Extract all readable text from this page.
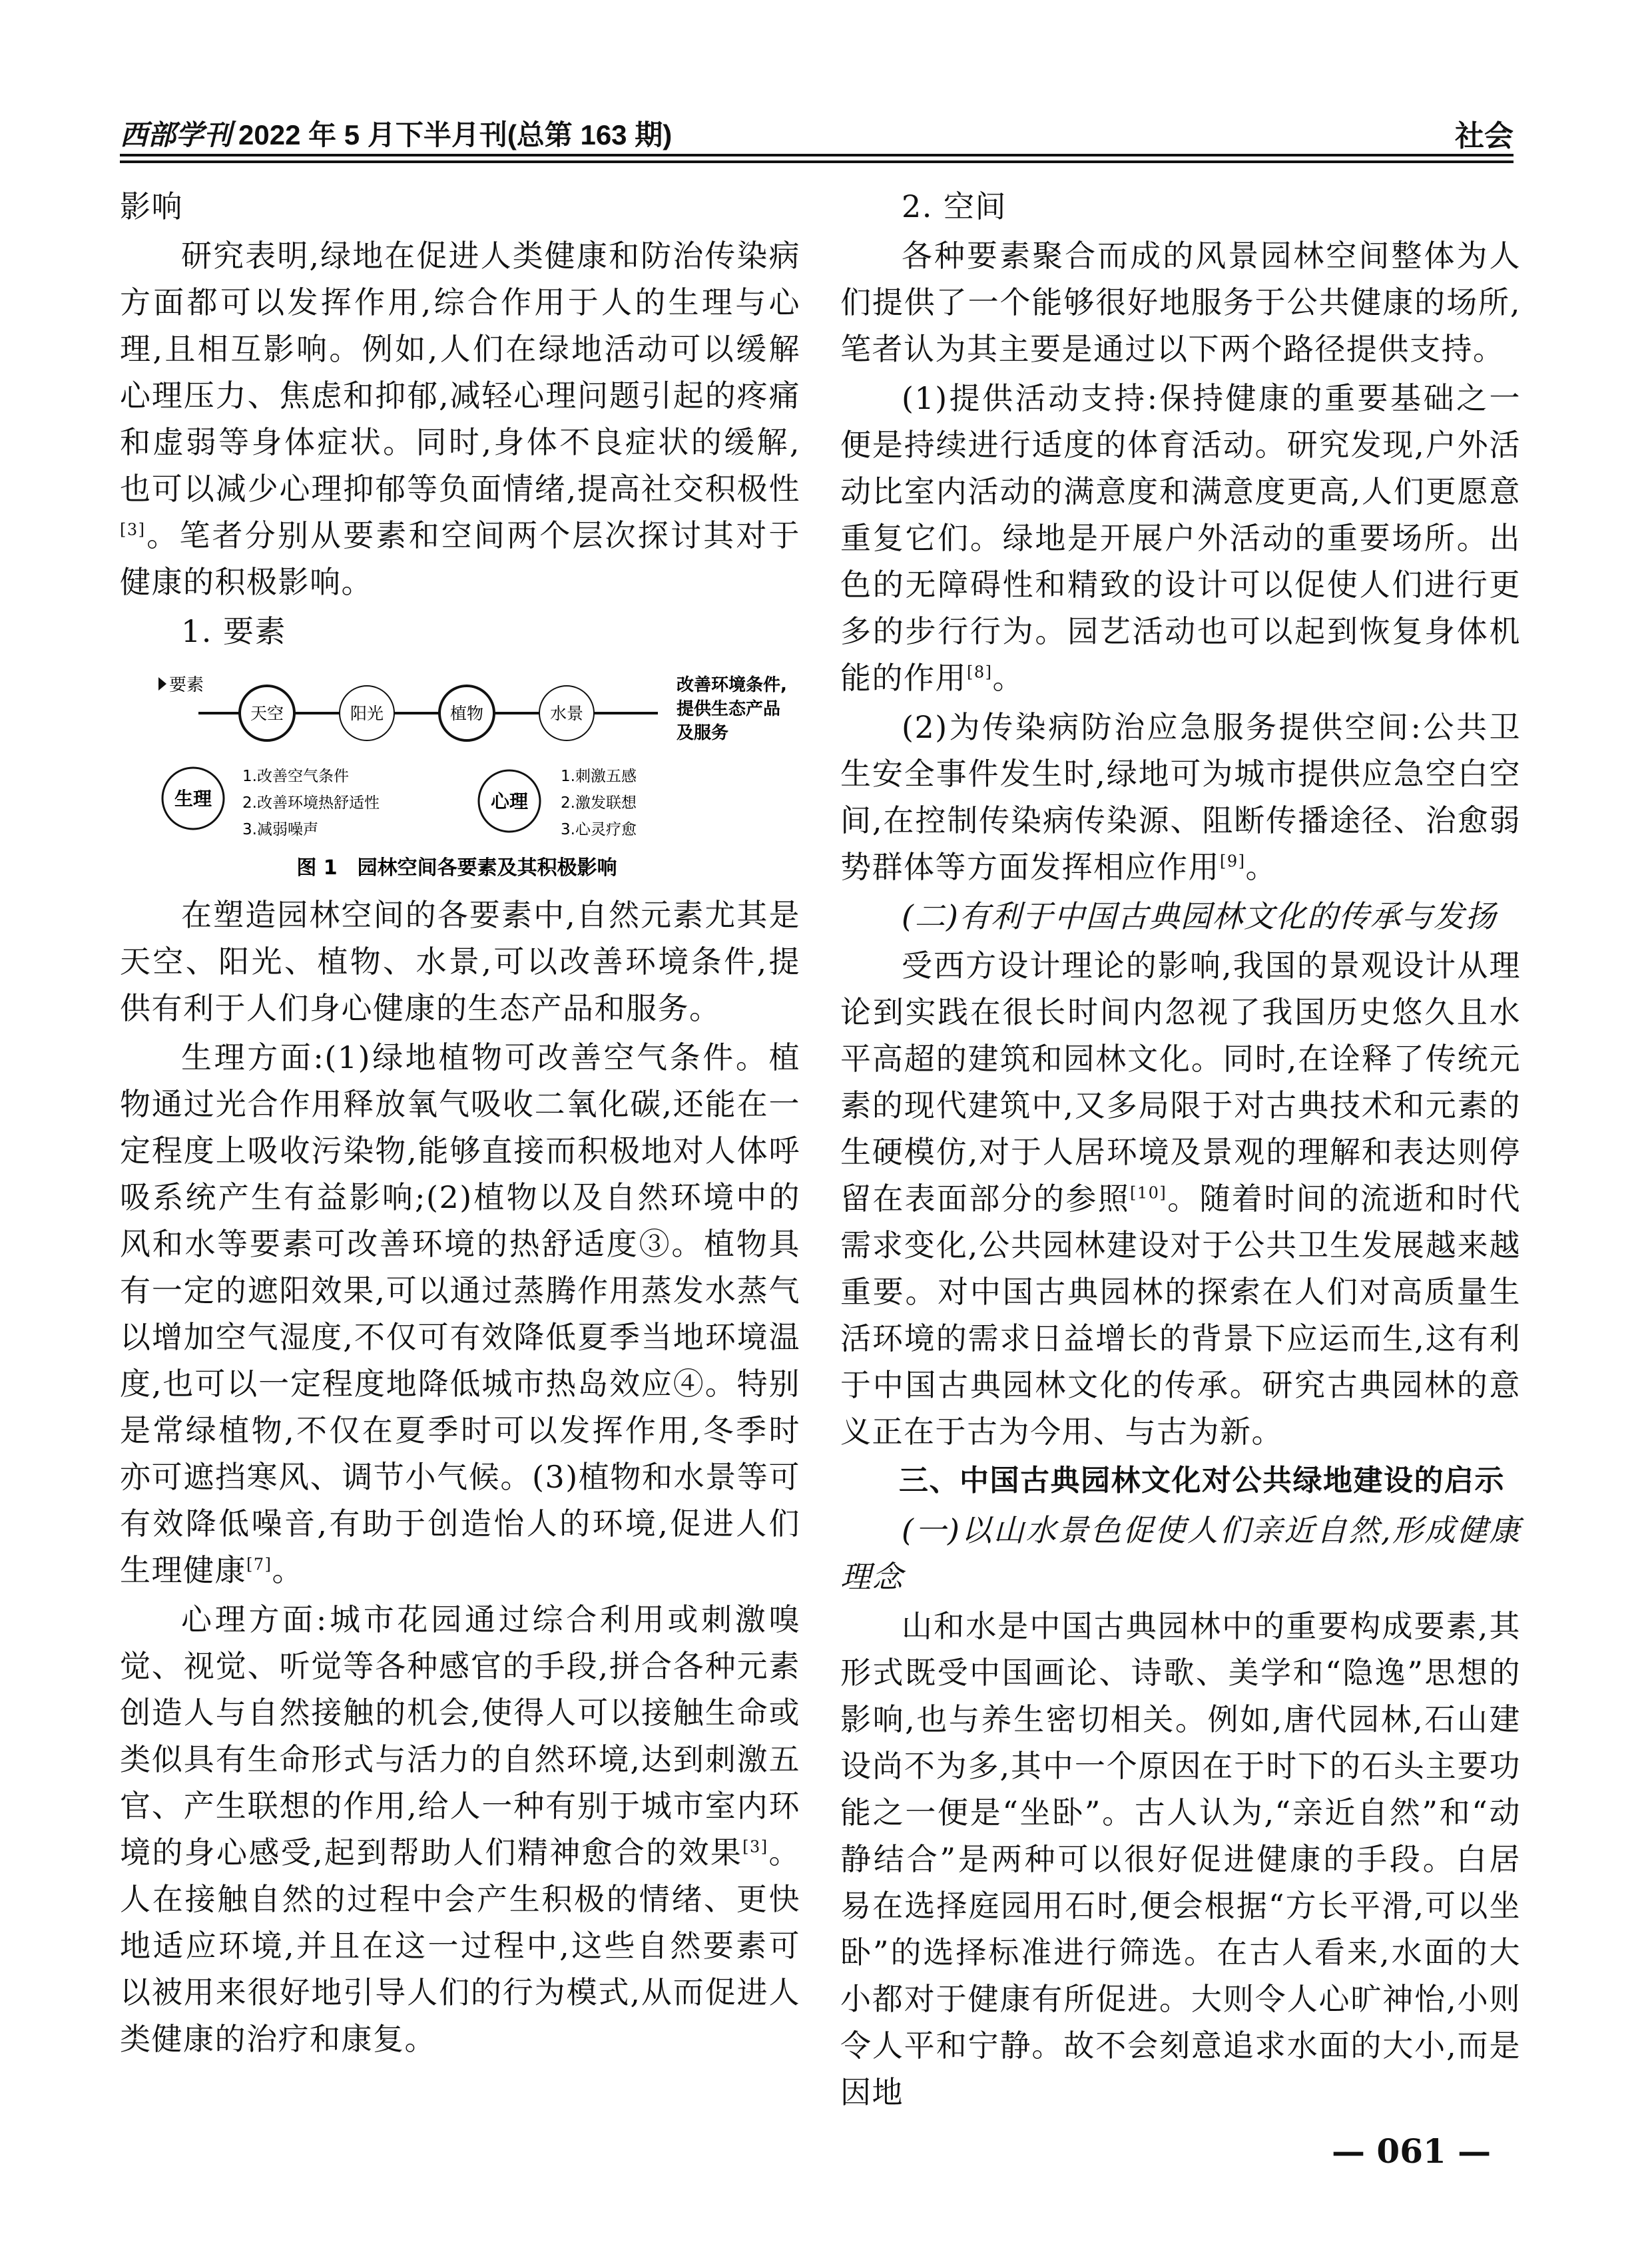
西部学刊 2022 年 5 月下半月刊(总第 163 期)	社会

影响

研究表明,绿地在促进人类健康和防治传染病方面都可以发挥作用,综合作用于人的生理与心理,且相互影响。例如,人们在绿地活动可以缓解心理压力、焦虑和抑郁,减轻心理问题引起的疼痛和虚弱等身体症状。同时,身体不良症状的缓解,也可以减少心理抑郁等负面情绪,提高社交积极性[3]。笔者分别从要素和空间两个层次探讨其对于健康的积极影响。

1. 要素

要素
天空	阳光	植物	水景
改善环境条件,
提供生态产品
及服务
生理
1.改善空气条件
2.改善环境热舒适性
3.减弱噪声
心理
1.刺激五感
2.激发联想
3.心灵疗愈
图 1　园林空间各要素及其积极影响

在塑造园林空间的各要素中,自然元素尤其是天空、阳光、植物、水景,可以改善环境条件,提供有利于人们身心健康的生态产品和服务。

生理方面:(1)绿地植物可改善空气条件。植物通过光合作用释放氧气吸收二氧化碳,还能在一定程度上吸收污染物,能够直接而积极地对人体呼吸系统产生有益影响;(2)植物以及自然环境中的风和水等要素可改善环境的热舒适度③。植物具有一定的遮阳效果,可以通过蒸腾作用蒸发水蒸气以增加空气湿度,不仅可有效降低夏季当地环境温度,也可以一定程度地降低城市热岛效应④。特别是常绿植物,不仅在夏季时可以发挥作用,冬季时亦可遮挡寒风、调节小气候。(3)植物和水景等可有效降低噪音,有助于创造怡人的环境,促进人们生理健康[7]。

心理方面:城市花园通过综合利用或刺激嗅觉、视觉、听觉等各种感官的手段,拼合各种元素创造人与自然接触的机会,使得人可以接触生命或类似具有生命形式与活力的自然环境,达到刺激五官、产生联想的作用,给人一种有别于城市室内环境的身心感受,起到帮助人们精神愈合的效果[3]。人在接触自然的过程中会产生积极的情绪、更快地适应环境,并且在这一过程中,这些自然要素可以被用来很好地引导人们的行为模式,从而促进人类健康的治疗和康复。

2. 空间

各种要素聚合而成的风景园林空间整体为人们提供了一个能够很好地服务于公共健康的场所,笔者认为其主要是通过以下两个路径提供支持。

(1)提供活动支持:保持健康的重要基础之一便是持续进行适度的体育活动。研究发现,户外活动比室内活动的满意度和满意度更高,人们更愿意重复它们。绿地是开展户外活动的重要场所。出色的无障碍性和精致的设计可以促使人们进行更多的步行行为。园艺活动也可以起到恢复身体机能的作用[8]。

(2)为传染病防治应急服务提供空间:公共卫生安全事件发生时,绿地可为城市提供应急空白空间,在控制传染病传染源、阻断传播途径、治愈弱势群体等方面发挥相应作用[9]。

(二)有利于中国古典园林文化的传承与发扬

受西方设计理论的影响,我国的景观设计从理论到实践在很长时间内忽视了我国历史悠久且水平高超的建筑和园林文化。同时,在诠释了传统元素的现代建筑中,又多局限于对古典技术和元素的生硬模仿,对于人居环境及景观的理解和表达则停留在表面部分的参照[10]。随着时间的流逝和时代需求变化,公共园林建设对于公共卫生发展越来越重要。对中国古典园林的探索在人们对高质量生活环境的需求日益增长的背景下应运而生,这有利于中国古典园林文化的传承。研究古典园林的意义正在于古为今用、与古为新。

三、中国古典园林文化对公共绿地建设的启示

(一)以山水景色促使人们亲近自然,形成健康理念

山和水是中国古典园林中的重要构成要素,其形式既受中国画论、诗歌、美学和“隐逸”思想的影响,也与养生密切相关。例如,唐代园林,石山建设尚不为多,其中一个原因在于时下的石头主要功能之一便是“坐卧”。古人认为,“亲近自然”和“动静结合”是两种可以很好促进健康的手段。白居易在选择庭园用石时,便会根据“方长平滑,可以坐卧”的选择标准进行筛选。在古人看来,水面的大小都对于健康有所促进。大则令人心旷神怡,小则令人平和宁静。故不会刻意追求水面的大小,而是因地

— 061 —
